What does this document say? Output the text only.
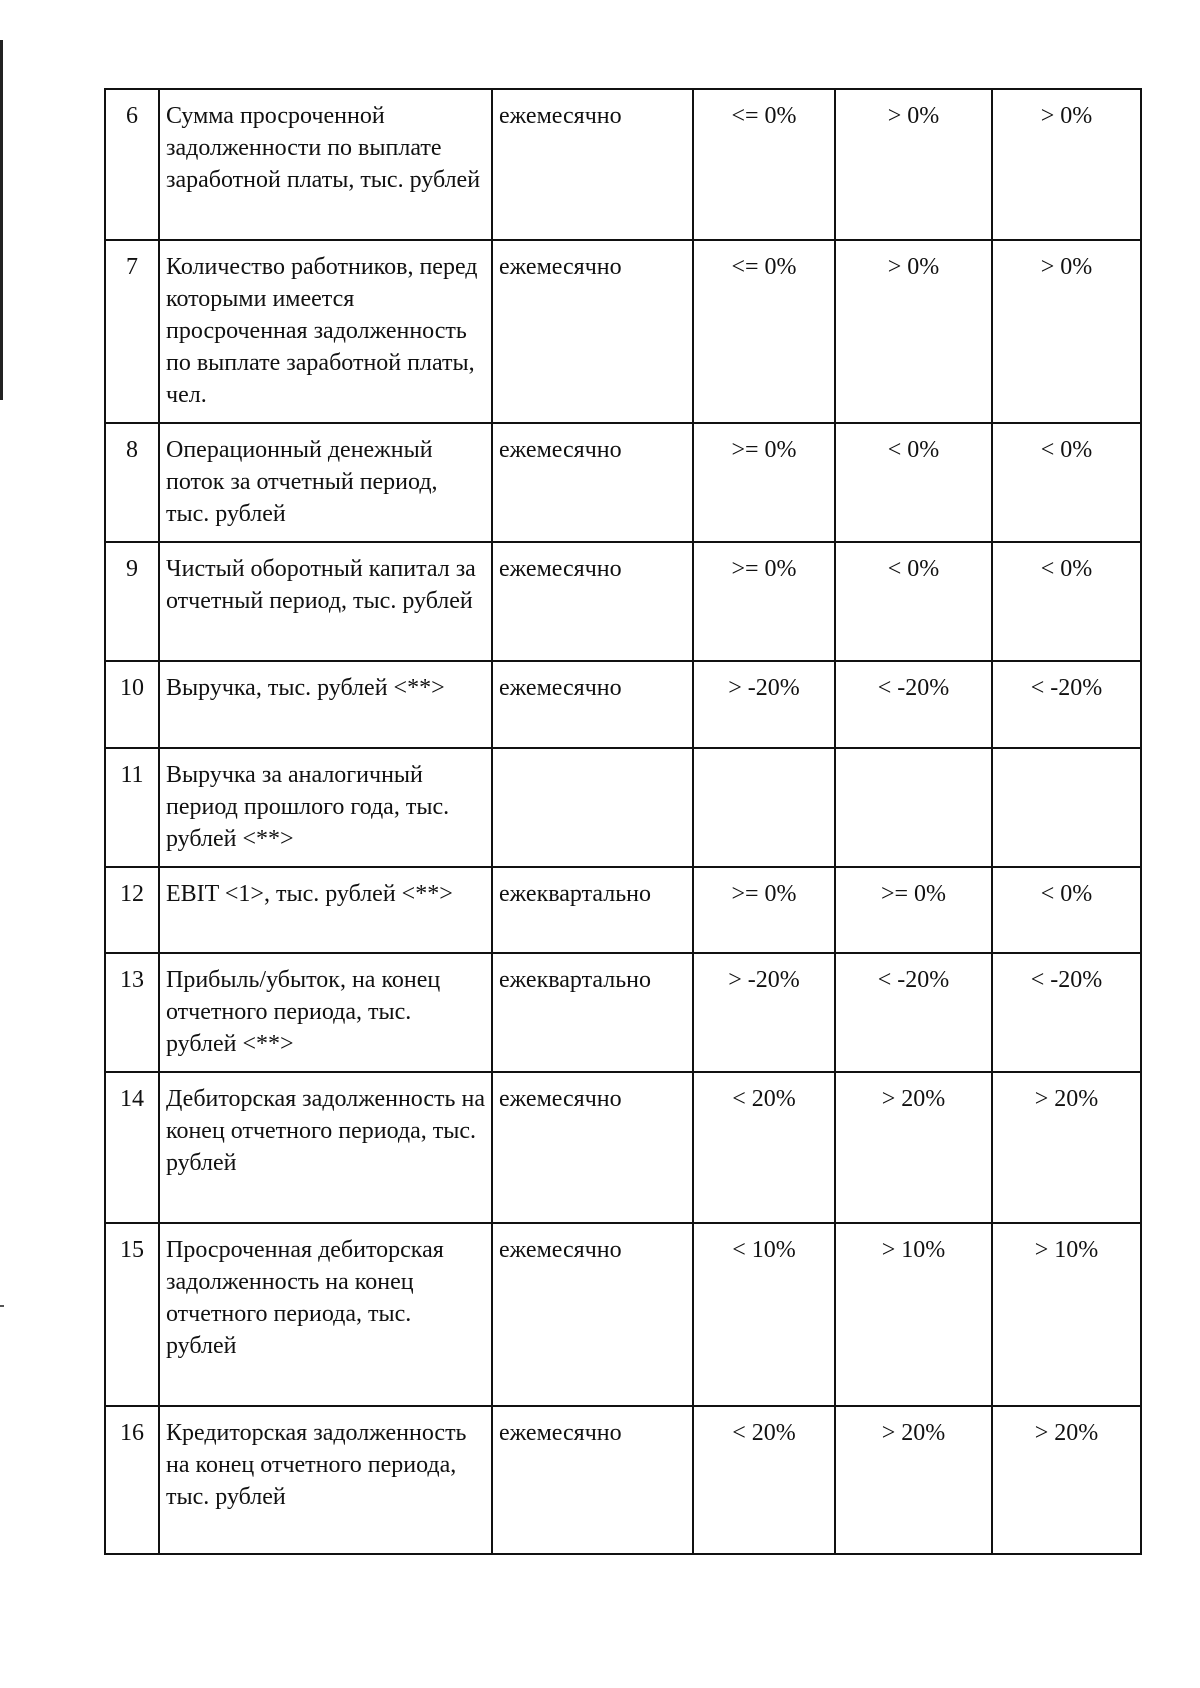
6	Сумма просроченной задолженности по выплате заработной платы, тыс. рублей	ежемесячно	<= 0%	> 0%	> 0%
7	Количество работников, перед которыми имеется просроченная задолженность по выплате заработной платы, чел.	ежемесячно	<= 0%	> 0%	> 0%
8	Операционный денежный поток за отчетный период, тыс. рублей	ежемесячно	>= 0%	< 0%	< 0%
9	Чистый оборотный капитал за отчетный период, тыс. рублей	ежемесячно	>= 0%	< 0%	< 0%
10	Выручка, тыс. рублей <**>	ежемесячно	> -20%	< -20%	< -20%
11	Выручка за аналогичный период прошлого года, тыс. рублей <**>				
12	EBIT <1>, тыс. рублей <**>	ежеквартально	>= 0%	>= 0%	< 0%
13	Прибыль/убыток, на конец отчетного периода, тыс. рублей <**>	ежеквартально	> -20%	< -20%	< -20%
14	Дебиторская задолженность на конец отчетного периода, тыс. рублей	ежемесячно	< 20%	> 20%	> 20%
15	Просроченная дебиторская задолженность на конец отчетного периода, тыс. рублей	ежемесячно	< 10%	> 10%	> 10%
16	Кредиторская задолженность на конец отчетного периода, тыс. рублей	ежемесячно	< 20%	> 20%	> 20%
